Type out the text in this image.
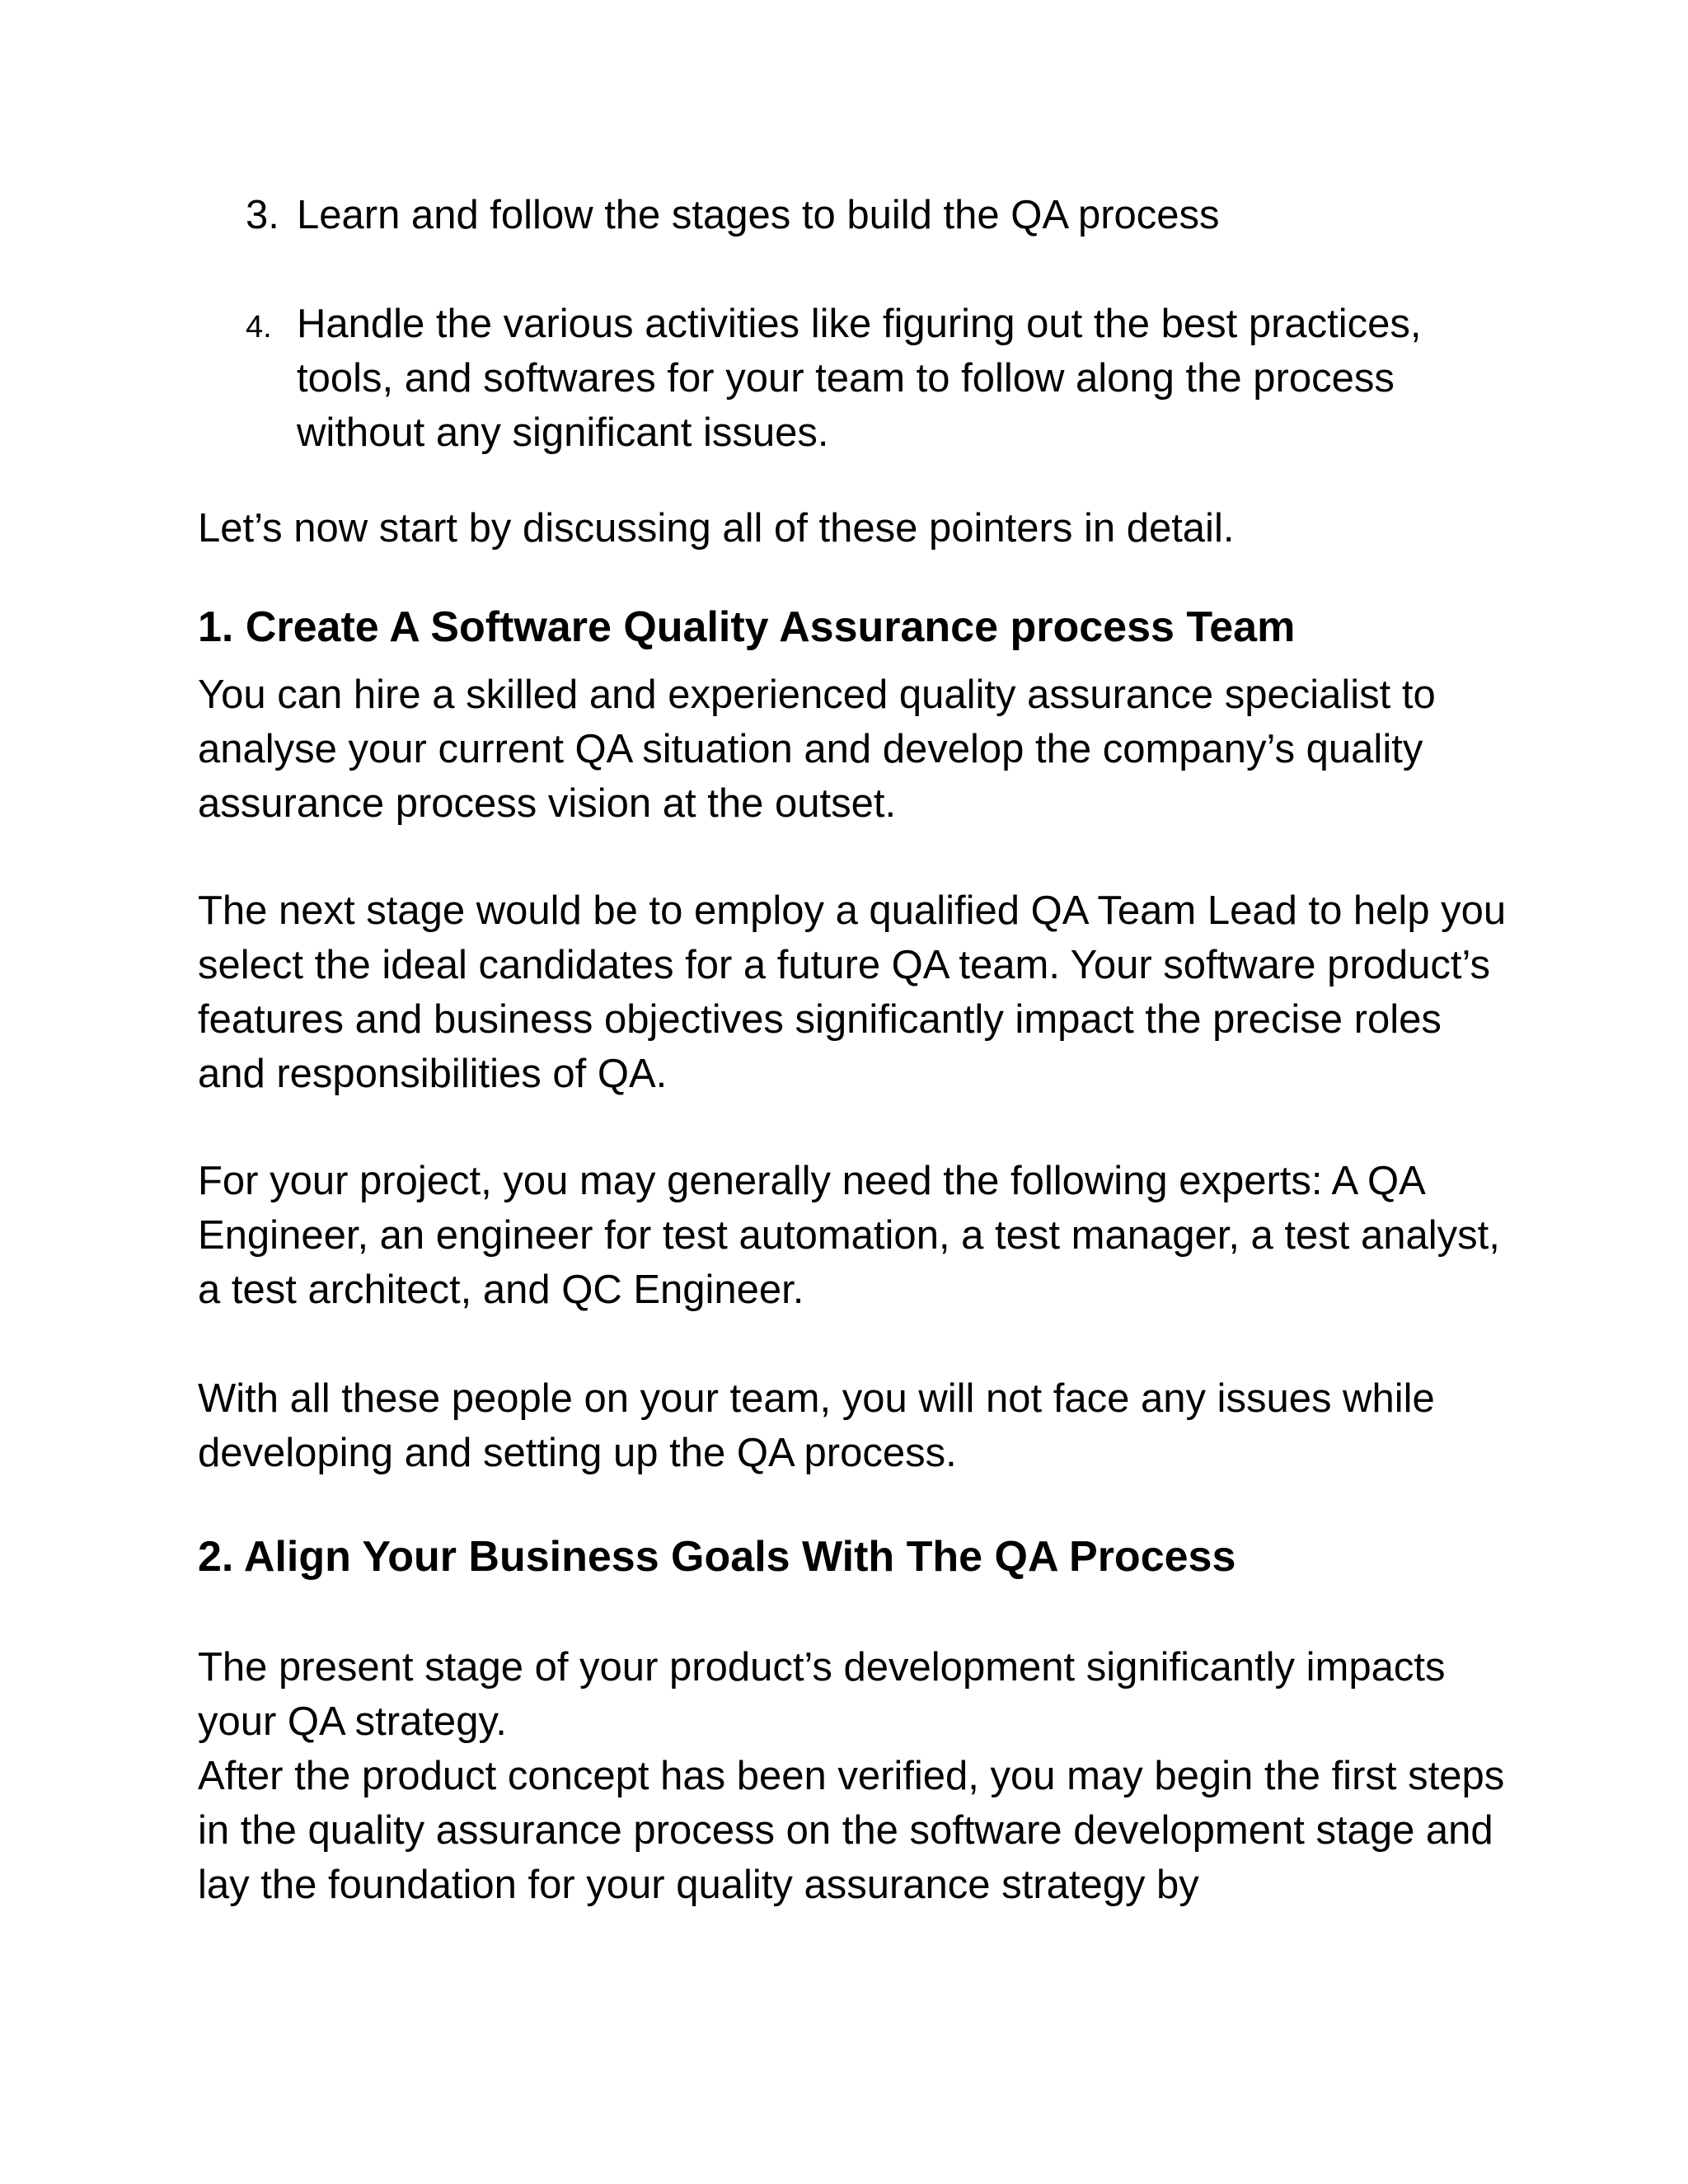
3. Learn and follow the stages to build the QA process
4. Handle the various activities like figuring out the best practices, tools, and softwares for your team to follow along the process without any significant issues.

Let’s now start by discussing all of these pointers in detail.

1. Create A Software Quality Assurance process Team

You can hire a skilled and experienced quality assurance specialist to analyse your current QA situation and develop the company’s quality assurance process vision at the outset.

The next stage would be to employ a qualified QA Team Lead to help you select the ideal candidates for a future QA team. Your software product’s features and business objectives significantly impact the precise roles and responsibilities of QA.

For your project, you may generally need the following experts: A QA Engineer, an engineer for test automation, a test manager, a test analyst, a test architect, and QC Engineer.

With all these people on your team, you will not face any issues while developing and setting up the QA process.

2. Align Your Business Goals With The QA Process

The present stage of your product’s development significantly impacts your QA strategy.

After the product concept has been verified, you may begin the first steps in the quality assurance process on the software development stage and lay the foundation for your quality assurance strategy by
